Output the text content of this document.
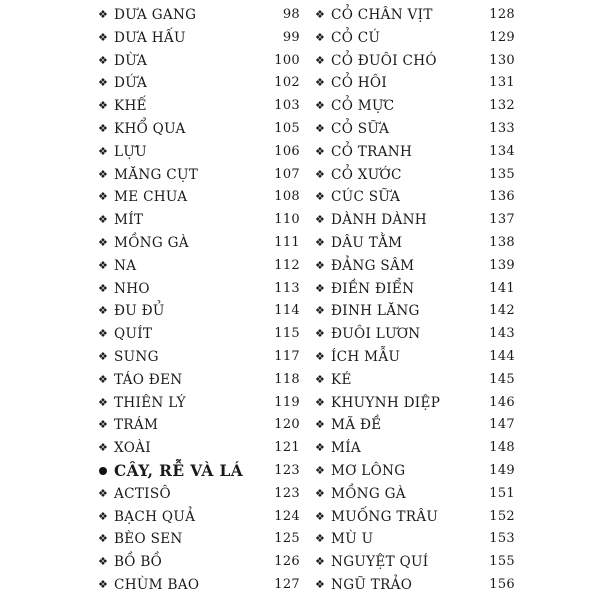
❖ DƯA GANG	98
❖ DƯA HẤU	99
❖ DỪA	100
❖ DỨA	102
❖ KHẾ	103
❖ KHỔ QUA	105
❖ LỰU	106
❖ MĂNG CỤT	107
❖ ME CHUA	108
❖ MÍT	110
❖ MỒNG GÀ	111
❖ NA	112
❖ NHO	113
❖ ĐU ĐỦ	114
❖ QUÍT	115
❖ SUNG	117
❖ TÁO ĐEN	118
❖ THIÊN LÝ	119
❖ TRÁM	120
❖ XOÀI	121
CÂY, RỄ VÀ LÁ 123
❖ ACTISÔ	123
❖ BẠCH QUẢ	124
❖ BÈO SEN	125
❖ BỒ BỒ	126
❖ CHÙM BAO	127
❖ CỎ CHÂN VỊT	128
❖ CỎ CÚ	129
❖ CỎ ĐUÔI CHÓ	130
❖ CỎ HÔI	131
❖ CỎ MỰC	132
❖ CỎ SỮA	133
❖ CỎ TRANH	134
❖ CỎ XƯỚC	135
❖ CÚC SỮA	136
❖ DÀNH DÀNH	137
❖ DÂU TẰM	138
❖ ĐẢNG SÂM	139
❖ ĐIỀN ĐIỂN	141
❖ ĐINH LĂNG	142
❖ ĐUÔI LƯƠN	143
❖ ÍCH MẪU	144
❖ KÉ	145
❖ KHUYNH DIỆP	146
❖ MÃ ĐỀ	147
❖ MÍA	148
❖ MƠ LÔNG	149
❖ MỒNG GÀ	151
❖ MUỐNG TRÂU	152
❖ MÙ U	153
❖ NGUYỆT QUÍ	155
❖ NGŨ TRẢO	156
